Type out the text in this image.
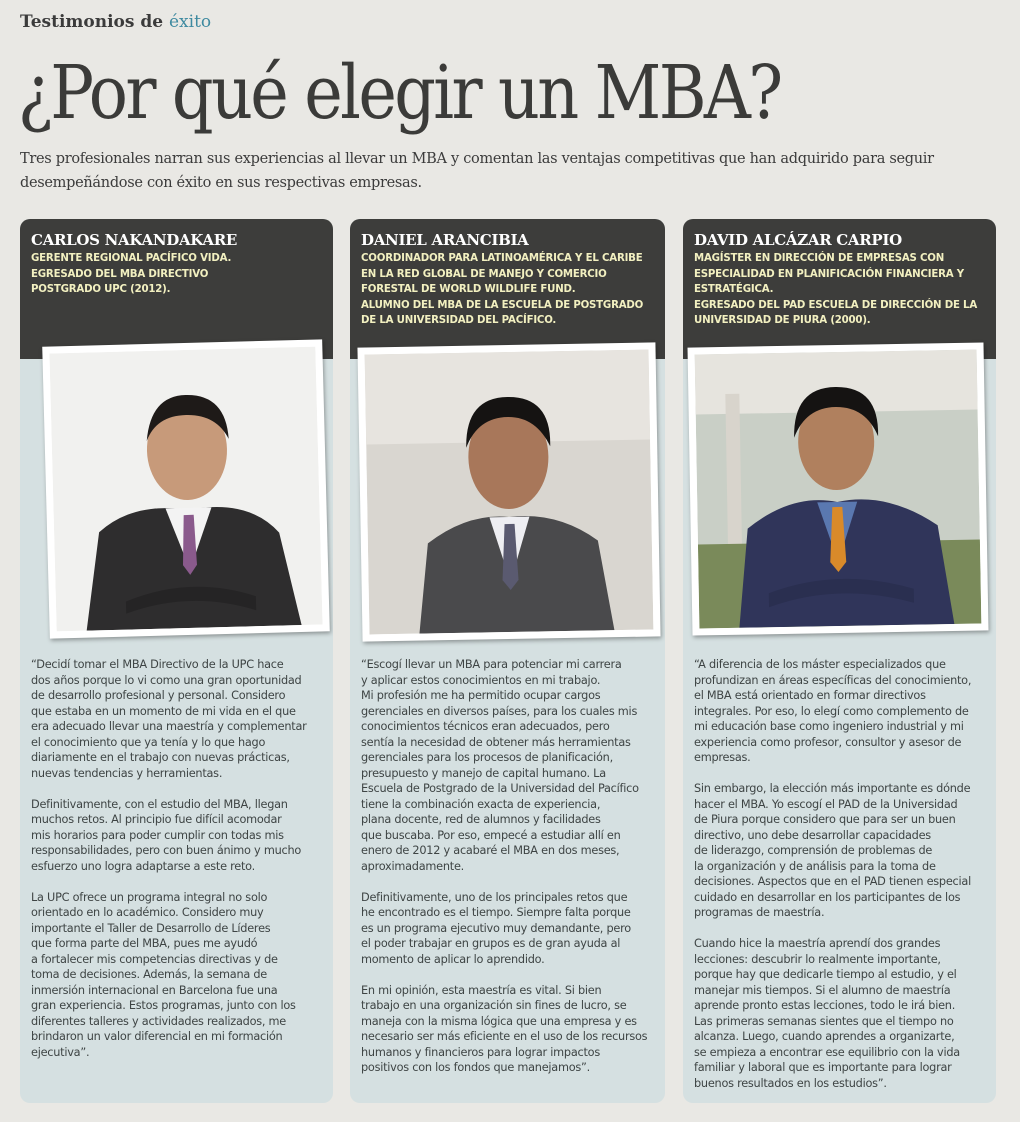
Testimonios de éxito
¿Por qué elegir un MBA?
Tres profesionales narran sus experiencias al llevar un MBA y comentan las ventajas competitivas que han adquirido para seguir desempeñándose con éxito en sus respectivas empresas.
CARLOS NAKANDAKARE
GERENTE REGIONAL PACÍFICO VIDA.
EGRESADO DEL MBA DIRECTIVO
POSTGRADO UPC (2012).

“Decidí tomar el MBA Directivo de la UPC hace
dos años porque lo vi como una gran oportunidad
de desarrollo profesional y personal. Considero
que estaba en un momento de mi vida en el que
era adecuado llevar una maestría y complementar
el conocimiento que ya tenía y lo que hago
diariamente en el trabajo con nuevas prácticas,
nuevas tendencias y herramientas.

Definitivamente, con el estudio del MBA, llegan
muchos retos. Al principio fue difícil acomodar
mis horarios para poder cumplir con todas mis
responsabilidades, pero con buen ánimo y mucho
esfuerzo uno logra adaptarse a este reto.

La UPC ofrece un programa integral no solo
orientado en lo académico. Considero muy
importante el Taller de Desarrollo de Líderes
que forma parte del MBA, pues me ayudó
a fortalecer mis competencias directivas y de
toma de decisiones. Además, la semana de
inmersión internacional en Barcelona fue una
gran experiencia. Estos programas, junto con los
diferentes talleres y actividades realizados, me
brindaron un valor diferencial en mi formación
ejecutiva”.

DANIEL ARANCIBIA
COORDINADOR PARA LATINOAMÉRICA Y EL CARIBE
EN LA RED GLOBAL DE MANEJO Y COMERCIO
FORESTAL DE WORLD WILDLIFE FUND.
ALUMNO DEL MBA DE LA ESCUELA DE POSTGRADO
DE LA UNIVERSIDAD DEL PACÍFICO.

“Escogí llevar un MBA para potenciar mi carrera
y aplicar estos conocimientos en mi trabajo.
Mi profesión me ha permitido ocupar cargos
gerenciales en diversos países, para los cuales mis
conocimientos técnicos eran adecuados, pero
sentía la necesidad de obtener más herramientas
gerenciales para los procesos de planificación,
presupuesto y manejo de capital humano. La
Escuela de Postgrado de la Universidad del Pacífico
tiene la combinación exacta de experiencia,
plana docente, red de alumnos y facilidades
que buscaba. Por eso, empecé a estudiar allí en
enero de 2012 y acabaré el MBA en dos meses,
aproximadamente.

Definitivamente, uno de los principales retos que
he encontrado es el tiempo. Siempre falta porque
es un programa ejecutivo muy demandante, pero
el poder trabajar en grupos es de gran ayuda al
momento de aplicar lo aprendido.

En mi opinión, esta maestría es vital. Si bien
trabajo en una organización sin fines de lucro, se
maneja con la misma lógica que una empresa y es
necesario ser más eficiente en el uso de los recursos
humanos y financieros para lograr impactos
positivos con los fondos que manejamos”.

DAVID ALCÁZAR CARPIO
MAGÍSTER EN DIRECCIÓN DE EMPRESAS CON
ESPECIALIDAD EN PLANIFICACIÓN FINANCIERA Y
ESTRATÉGICA.
EGRESADO DEL PAD ESCUELA DE DIRECCIÓN DE LA
UNIVERSIDAD DE PIURA (2000).

“A diferencia de los máster especializados que
profundizan en áreas específicas del conocimiento,
el MBA está orientado en formar directivos
integrales. Por eso, lo elegí como complemento de
mi educación base como ingeniero industrial y mi
experiencia como profesor, consultor y asesor de
empresas.

Sin embargo, la elección más importante es dónde
hacer el MBA. Yo escogí el PAD de la Universidad
de Piura porque considero que para ser un buen
directivo, uno debe desarrollar capacidades
de liderazgo, comprensión de problemas de
la organización y de análisis para la toma de
decisiones. Aspectos que en el PAD tienen especial
cuidado en desarrollar en los participantes de los
programas de maestría.

Cuando hice la maestría aprendí dos grandes
lecciones: descubrir lo realmente importante,
porque hay que dedicarle tiempo al estudio, y el
manejar mis tiempos. Si el alumno de maestría
aprende pronto estas lecciones, todo le irá bien.
Las primeras semanas sientes que el tiempo no
alcanza. Luego, cuando aprendes a organizarte,
se empieza a encontrar ese equilibrio con la vida
familiar y laboral que es importante para lograr
buenos resultados en los estudios”.
